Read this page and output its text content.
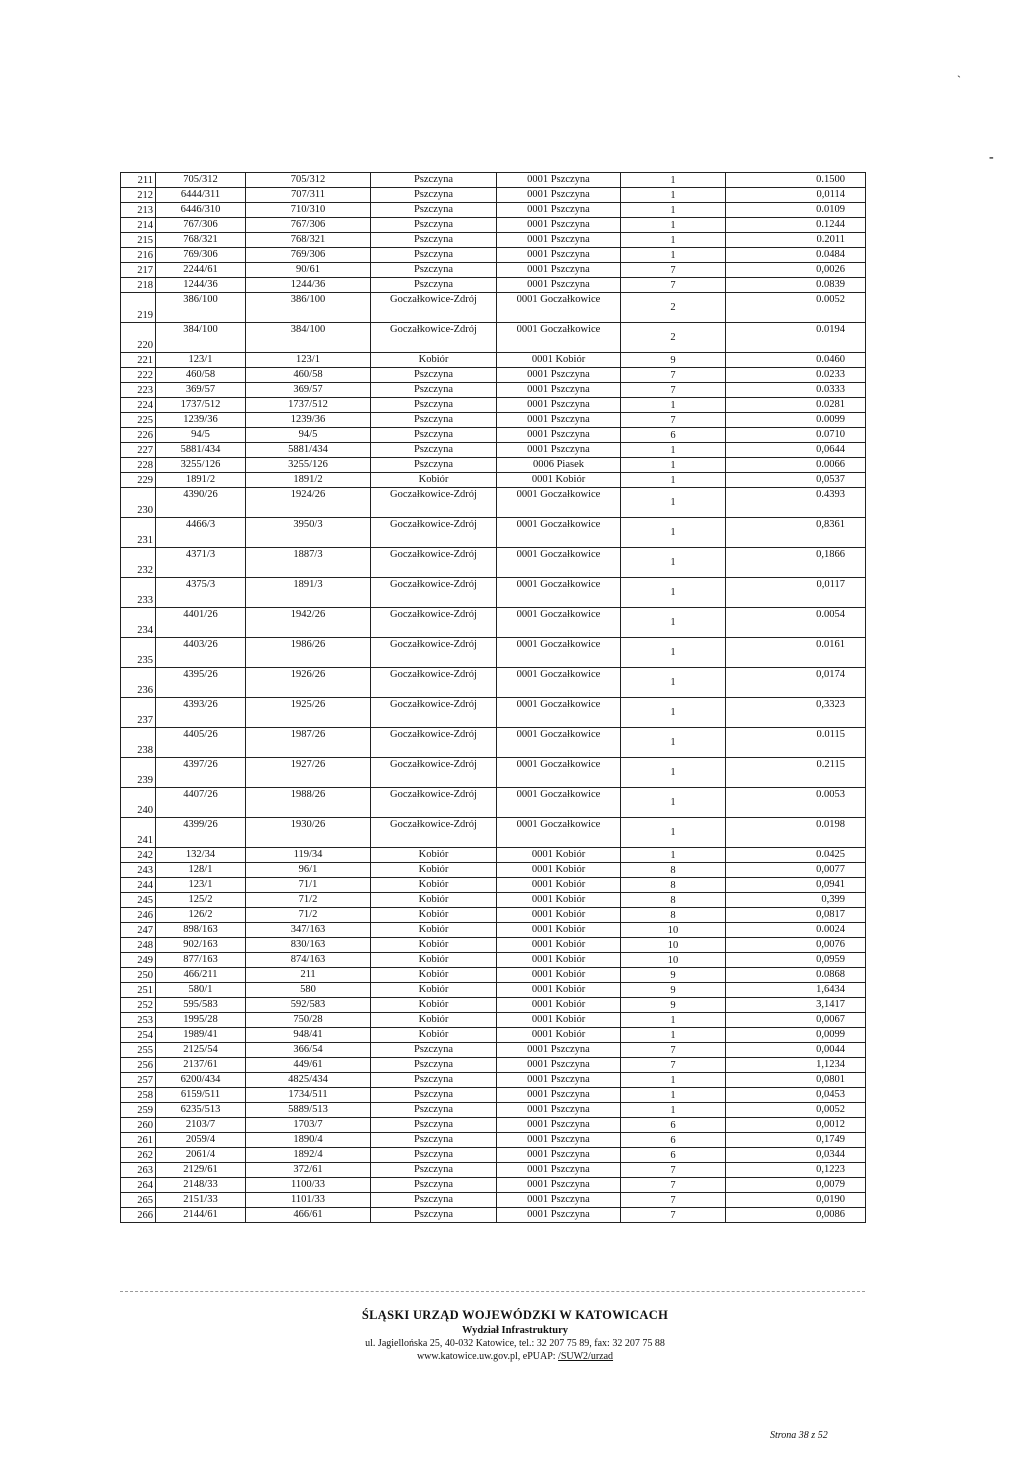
`
-
211	705/312	705/312	Pszczyna	0001 Pszczyna	1	0.1500
212	6444/311	707/311	Pszczyna	0001 Pszczyna	1	0,0114
213	6446/310	710/310	Pszczyna	0001 Pszczyna	1	0.0109
214	767/306	767/306	Pszczyna	0001 Pszczyna	1	0.1244
215	768/321	768/321	Pszczyna	0001 Pszczyna	1	0.2011
216	769/306	769/306	Pszczyna	0001 Pszczyna	1	0.0484
217	2244/61	90/61	Pszczyna	0001 Pszczyna	7	0,0026
218	1244/36	1244/36	Pszczyna	0001 Pszczyna	7	0.0839
219	386/100	386/100	Goczałkowice-Zdrój	0001 Goczałkowice	2	0.0052
220	384/100	384/100	Goczałkowice-Zdrój	0001 Goczałkowice	2	0.0194
221	123/1	123/1	Kobiór	0001 Kobiór	9	0.0460
222	460/58	460/58	Pszczyna	0001 Pszczyna	7	0.0233
223	369/57	369/57	Pszczyna	0001 Pszczyna	7	0.0333
224	1737/512	1737/512	Pszczyna	0001 Pszczyna	1	0.0281
225	1239/36	1239/36	Pszczyna	0001 Pszczyna	7	0.0099
226	94/5	94/5	Pszczyna	0001 Pszczyna	6	0.0710
227	5881/434	5881/434	Pszczyna	0001 Pszczyna	1	0,0644
228	3255/126	3255/126	Pszczyna	0006 Piasek	1	0.0066
229	1891/2	1891/2	Kobiór	0001 Kobiór	1	0,0537
230	4390/26	1924/26	Goczałkowice-Zdrój	0001 Goczałkowice	1	0.4393
231	4466/3	3950/3	Goczałkowice-Zdrój	0001 Goczałkowice	1	0,8361
232	4371/3	1887/3	Goczałkowice-Zdrój	0001 Goczałkowice	1	0,1866
233	4375/3	1891/3	Goczałkowice-Zdrój	0001 Goczałkowice	1	0,0117
234	4401/26	1942/26	Goczałkowice-Zdrój	0001 Goczałkowice	1	0.0054
235	4403/26	1986/26	Goczałkowice-Zdrój	0001 Goczałkowice	1	0.0161
236	4395/26	1926/26	Goczałkowice-Zdrój	0001 Goczałkowice	1	0,0174
237	4393/26	1925/26	Goczałkowice-Zdrój	0001 Goczałkowice	1	0,3323
238	4405/26	1987/26	Goczałkowice-Zdrój	0001 Goczałkowice	1	0.0115
239	4397/26	1927/26	Goczałkowice-Zdrój	0001 Goczałkowice	1	0.2115
240	4407/26	1988/26	Goczałkowice-Zdrój	0001 Goczałkowice	1	0.0053
241	4399/26	1930/26	Goczałkowice-Zdrój	0001 Goczałkowice	1	0.0198
242	132/34	119/34	Kobiór	0001 Kobiór	1	0.0425
243	128/1	96/1	Kobiór	0001 Kobiór	8	0,0077
244	123/1	71/1	Kobiór	0001 Kobiór	8	0,0941
245	125/2	71/2	Kobiór	0001 Kobiór	8	0,399
246	126/2	71/2	Kobiór	0001 Kobiór	8	0,0817
247	898/163	347/163	Kobiór	0001 Kobiór	10	0.0024
248	902/163	830/163	Kobiór	0001 Kobiór	10	0,0076
249	877/163	874/163	Kobiór	0001 Kobiór	10	0,0959
250	466/211	211	Kobiór	0001 Kobiór	9	0.0868
251	580/1	580	Kobiór	0001 Kobiór	9	1,6434
252	595/583	592/583	Kobiór	0001 Kobiór	9	3,1417
253	1995/28	750/28	Kobiór	0001 Kobiór	1	0,0067
254	1989/41	948/41	Kobiór	0001 Kobiór	1	0,0099
255	2125/54	366/54	Pszczyna	0001 Pszczyna	7	0,0044
256	2137/61	449/61	Pszczyna	0001 Pszczyna	7	1,1234
257	6200/434	4825/434	Pszczyna	0001 Pszczyna	1	0,0801
258	6159/511	1734/511	Pszczyna	0001 Pszczyna	1	0,0453
259	6235/513	5889/513	Pszczyna	0001 Pszczyna	1	0,0052
260	2103/7	1703/7	Pszczyna	0001 Pszczyna	6	0,0012
261	2059/4	1890/4	Pszczyna	0001 Pszczyna	6	0,1749
262	2061/4	1892/4	Pszczyna	0001 Pszczyna	6	0,0344
263	2129/61	372/61	Pszczyna	0001 Pszczyna	7	0,1223
264	2148/33	1100/33	Pszczyna	0001 Pszczyna	7	0,0079
265	2151/33	1101/33	Pszczyna	0001 Pszczyna	7	0,0190
266	2144/61	466/61	Pszczyna	0001 Pszczyna	7	0,0086
ŚLĄSKI URZĄD WOJEWÓDZKI W KATOWICACH
Wydział Infrastruktury
ul. Jagiellońska 25, 40-032 Katowice, tel.: 32 207 75 89, fax: 32 207 75 88
www.katowice.uw.gov.pl, ePUAP: /SUW2/urzad
Strona 38 z 52
